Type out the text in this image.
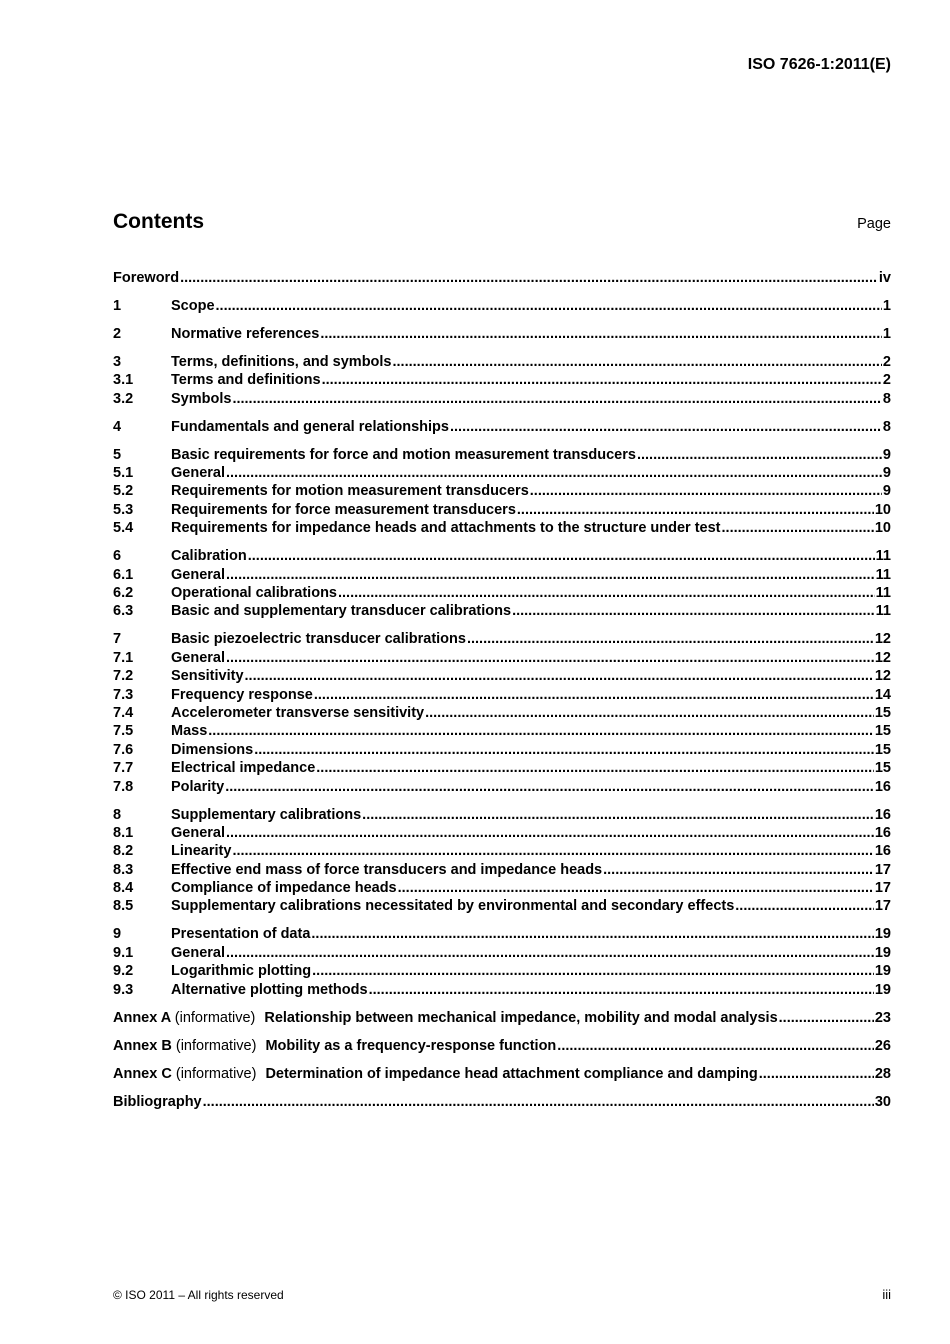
ISO 7626-1:2011(E)
Contents	Page
Foreword .....	iv
1	Scope .....	1
2	Normative references .....	1
3	Terms, definitions, and symbols .....	2
3.1	Terms and definitions .....	2
3.2	Symbols .....	8
4	Fundamentals and general relationships .....	8
5	Basic requirements for force and motion measurement transducers .....	9
5.1	General .....	9
5.2	Requirements for motion measurement transducers .....	9
5.3	Requirements for force measurement transducers .....	10
5.4	Requirements for impedance heads and attachments to the structure under test .....	10
6	Calibration .....	11
6.1	General .....	11
6.2	Operational calibrations .....	11
6.3	Basic and supplementary transducer calibrations .....	11
7	Basic piezoelectric transducer calibrations .....	12
7.1	General .....	12
7.2	Sensitivity .....	12
7.3	Frequency response .....	14
7.4	Accelerometer transverse sensitivity .....	15
7.5	Mass .....	15
7.6	Dimensions .....	15
7.7	Electrical impedance .....	15
7.8	Polarity .....	16
8	Supplementary calibrations .....	16
8.1	General .....	16
8.2	Linearity .....	16
8.3	Effective end mass of force transducers and impedance heads .....	17
8.4	Compliance of impedance heads .....	17
8.5	Supplementary calibrations necessitated by environmental and secondary effects .....	17
9	Presentation of data .....	19
9.1	General .....	19
9.2	Logarithmic plotting .....	19
9.3	Alternative plotting methods .....	19
Annex A (informative) Relationship between mechanical impedance, mobility and modal analysis .....	23
Annex B (informative) Mobility as a frequency-response function .....	26
Annex C (informative) Determination of impedance head attachment compliance and damping .....	28
Bibliography .....	30
© ISO 2011 – All rights reserved	iii
